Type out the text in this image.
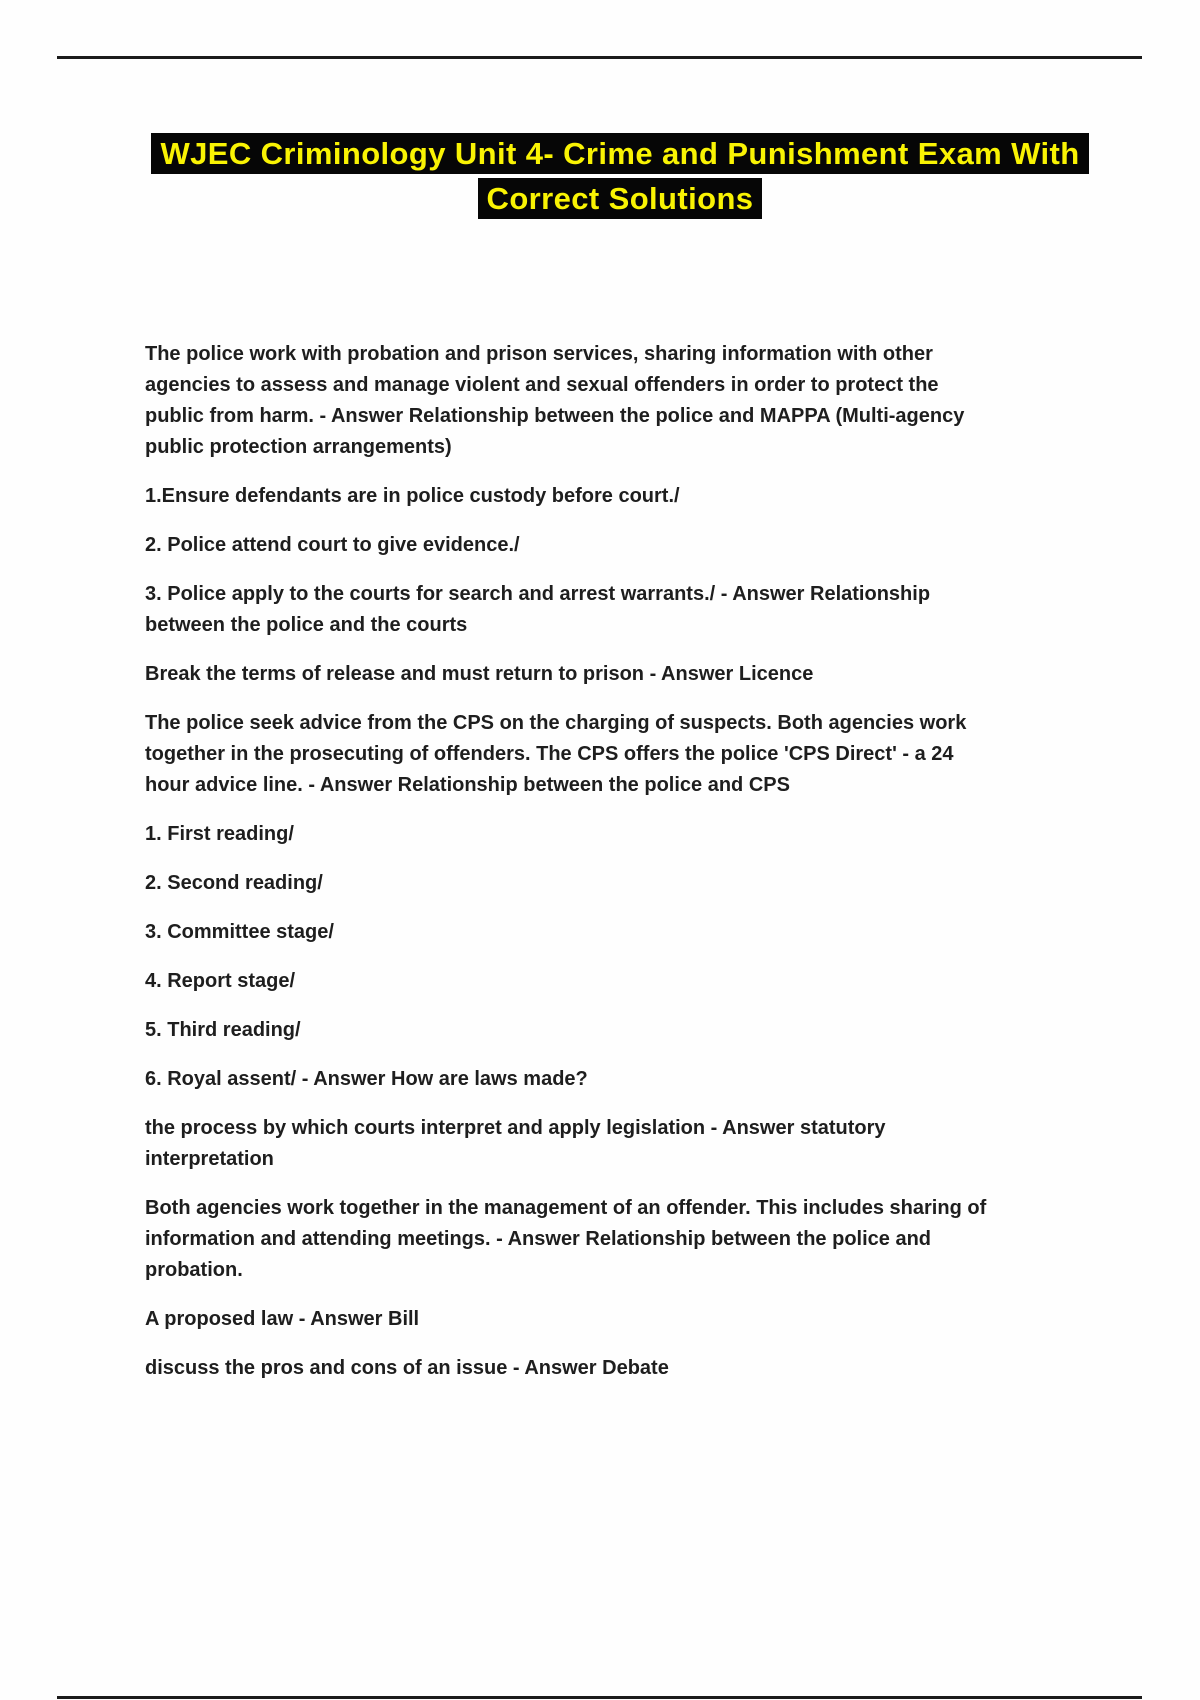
WJEC Criminology Unit 4- Crime and Punishment Exam With
Correct Solutions

The police work with probation and prison services, sharing information with other agencies to assess and manage violent and sexual offenders in order to protect the public from harm. - Answer Relationship between the police and MAPPA (Multi-agency public protection arrangements)

1.Ensure defendants are in police custody before court./

2. Police attend court to give evidence./

3. Police apply to the courts for search and arrest warrants./ - Answer Relationship between the police and the courts

Break the terms of release and must return to prison - Answer Licence

The police seek advice from the CPS on the charging of suspects. Both agencies work together in the prosecuting of offenders. The CPS offers the police 'CPS Direct' - a 24 hour advice line. - Answer Relationship between the police and CPS

1. First reading/

2. Second reading/

3. Committee stage/

4. Report stage/

5. Third reading/

6. Royal assent/ - Answer How are laws made?

the process by which courts interpret and apply legislation - Answer statutory interpretation

Both agencies work together in the management of an offender. This includes sharing of information and attending meetings. - Answer Relationship between the police and probation.

A proposed law - Answer Bill

discuss the pros and cons of an issue - Answer Debate
